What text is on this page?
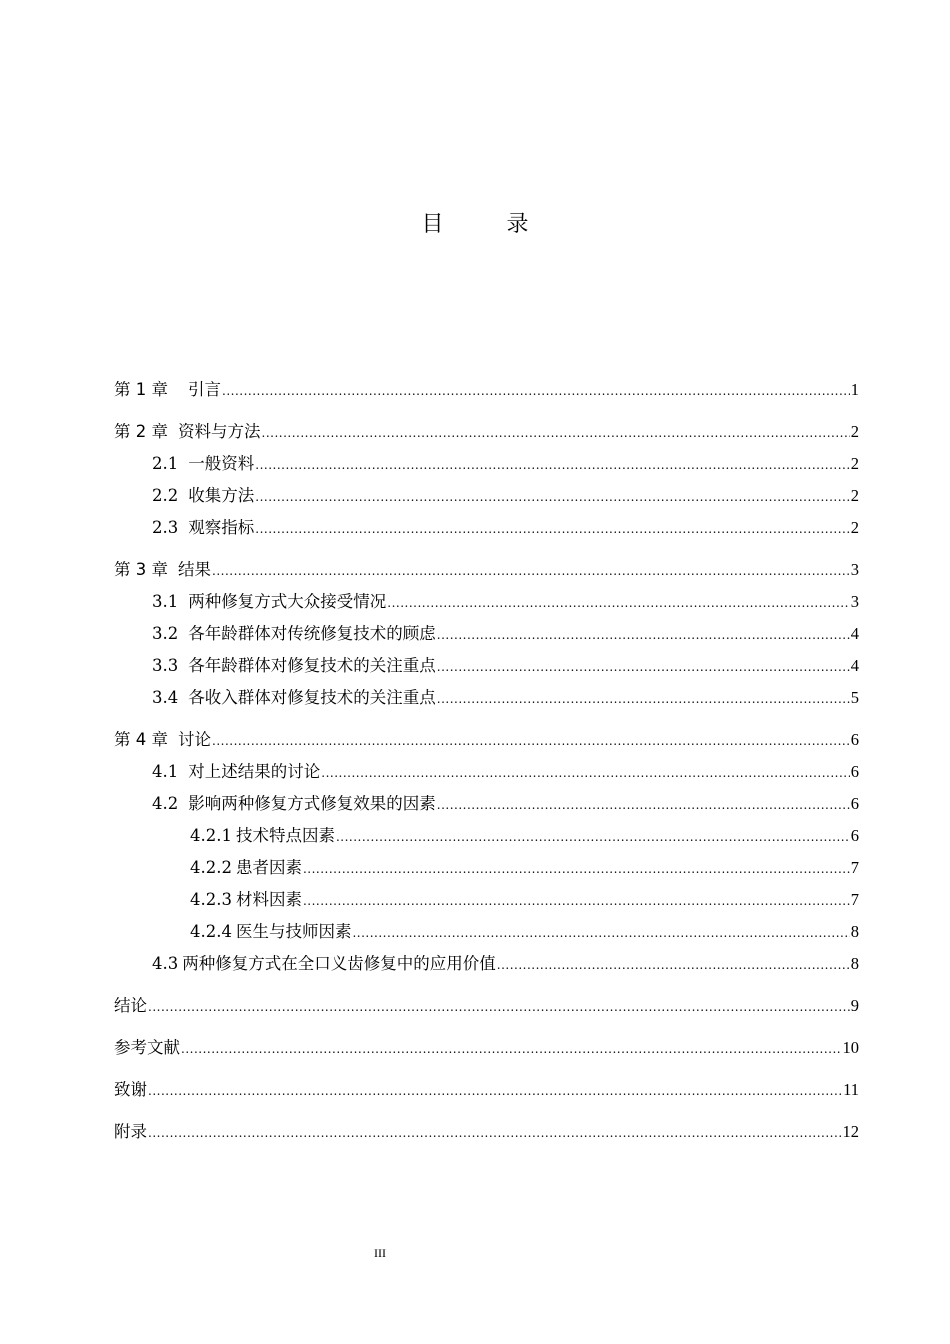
目 录
第 1 章 引言 .....	1
第 2 章 资料与方法 .....	2
2.1 一般资料 .....	2
2.2 收集方法 .....	2
2.3 观察指标 .....	2
第 3 章 结果 .....	3
3.1 两种修复方式大众接受情况 .....	3
3.2 各年龄群体对传统修复技术的顾虑 .....	4
3.3 各年龄群体对修复技术的关注重点 .....	4
3.4 各收入群体对修复技术的关注重点 .....	5
第 4 章 讨论 .....	6
4.1 对上述结果的讨论 .....	6
4.2 影响两种修复方式修复效果的因素 .....	6
4.2.1 技术特点因素 .....	6
4.2.2 患者因素 .....	7
4.2.3 材料因素 .....	7
4.2.4 医生与技师因素 .....	8
4.3 两种修复方式在全口义齿修复中的应用价值 .....	8
结论 .....	9
参考文献 .....	10
致谢 .....	11
附录 .....	12
III
